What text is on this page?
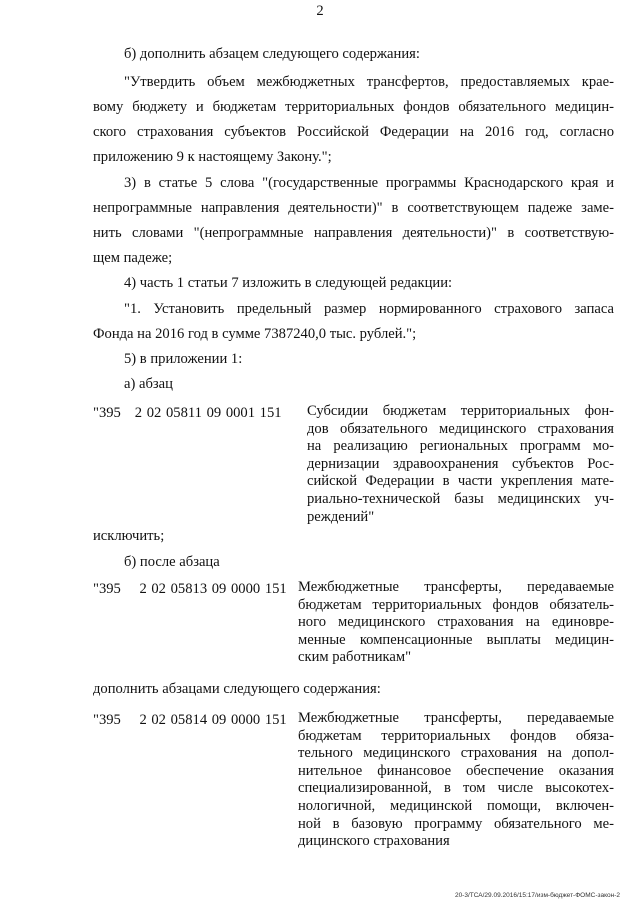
2
б) дополнить абзацем следующего содержания:
"Утвердить объем межбюджетных трансфертов, предоставляемых крае-
вому бюджету и бюджетам территориальных фондов обязательного медицин-
ского страхования субъектов Российской Федерации на 2016 год, согласно
приложению 9 к настоящему Закону.";
3) в статье 5 слова "(государственные программы Краснодарского края и
непрограммные направления деятельности)" в соответствующем падеже заме-
нить словами "(непрограммные направления деятельности)" в соответствую-
щем падеже;
4) часть 1 статьи 7 изложить в следующей редакции:
"1. Установить предельный размер нормированного страхового запаса
Фонда на 2016 год в сумме 7387240,0 тыс. рублей.";
5) в приложении 1:
а) абзац
"395   2 02 05811 09 0001 151 Субсидии бюджетам территориальных фон-
дов обязательного медицинского страхования
на реализацию региональных программ мо-
дернизации здравоохранения субъектов Рос-
сийской Федерации в части укрепления мате-
риально-технической базы медицинских уч-
реждений"
исключить;
б) после абзаца
"395    2 02 05813 09 0000 151 Межбюджетные трансферты, передаваемые
бюджетам территориальных фондов обязатель-
ного медицинского страхования на единовре-
менные компенсационные выплаты медицин-
ским работникам"
дополнить абзацами следующего содержания:
"395    2 02 05814 09 0000 151 Межбюджетные трансферты, передаваемые
бюджетам территориальных фондов обяза-
тельного медицинского страхования на допол-
нительное финансовое обеспечение оказания
специализированной, в том числе высокотех-
нологичной, медицинской помощи, включен-
ной в базовую программу обязательного ме-
дицинского страхования
20-3/ТСА/29.09.2016/15:17/изм-бюджет-ФОМС-закон-2
